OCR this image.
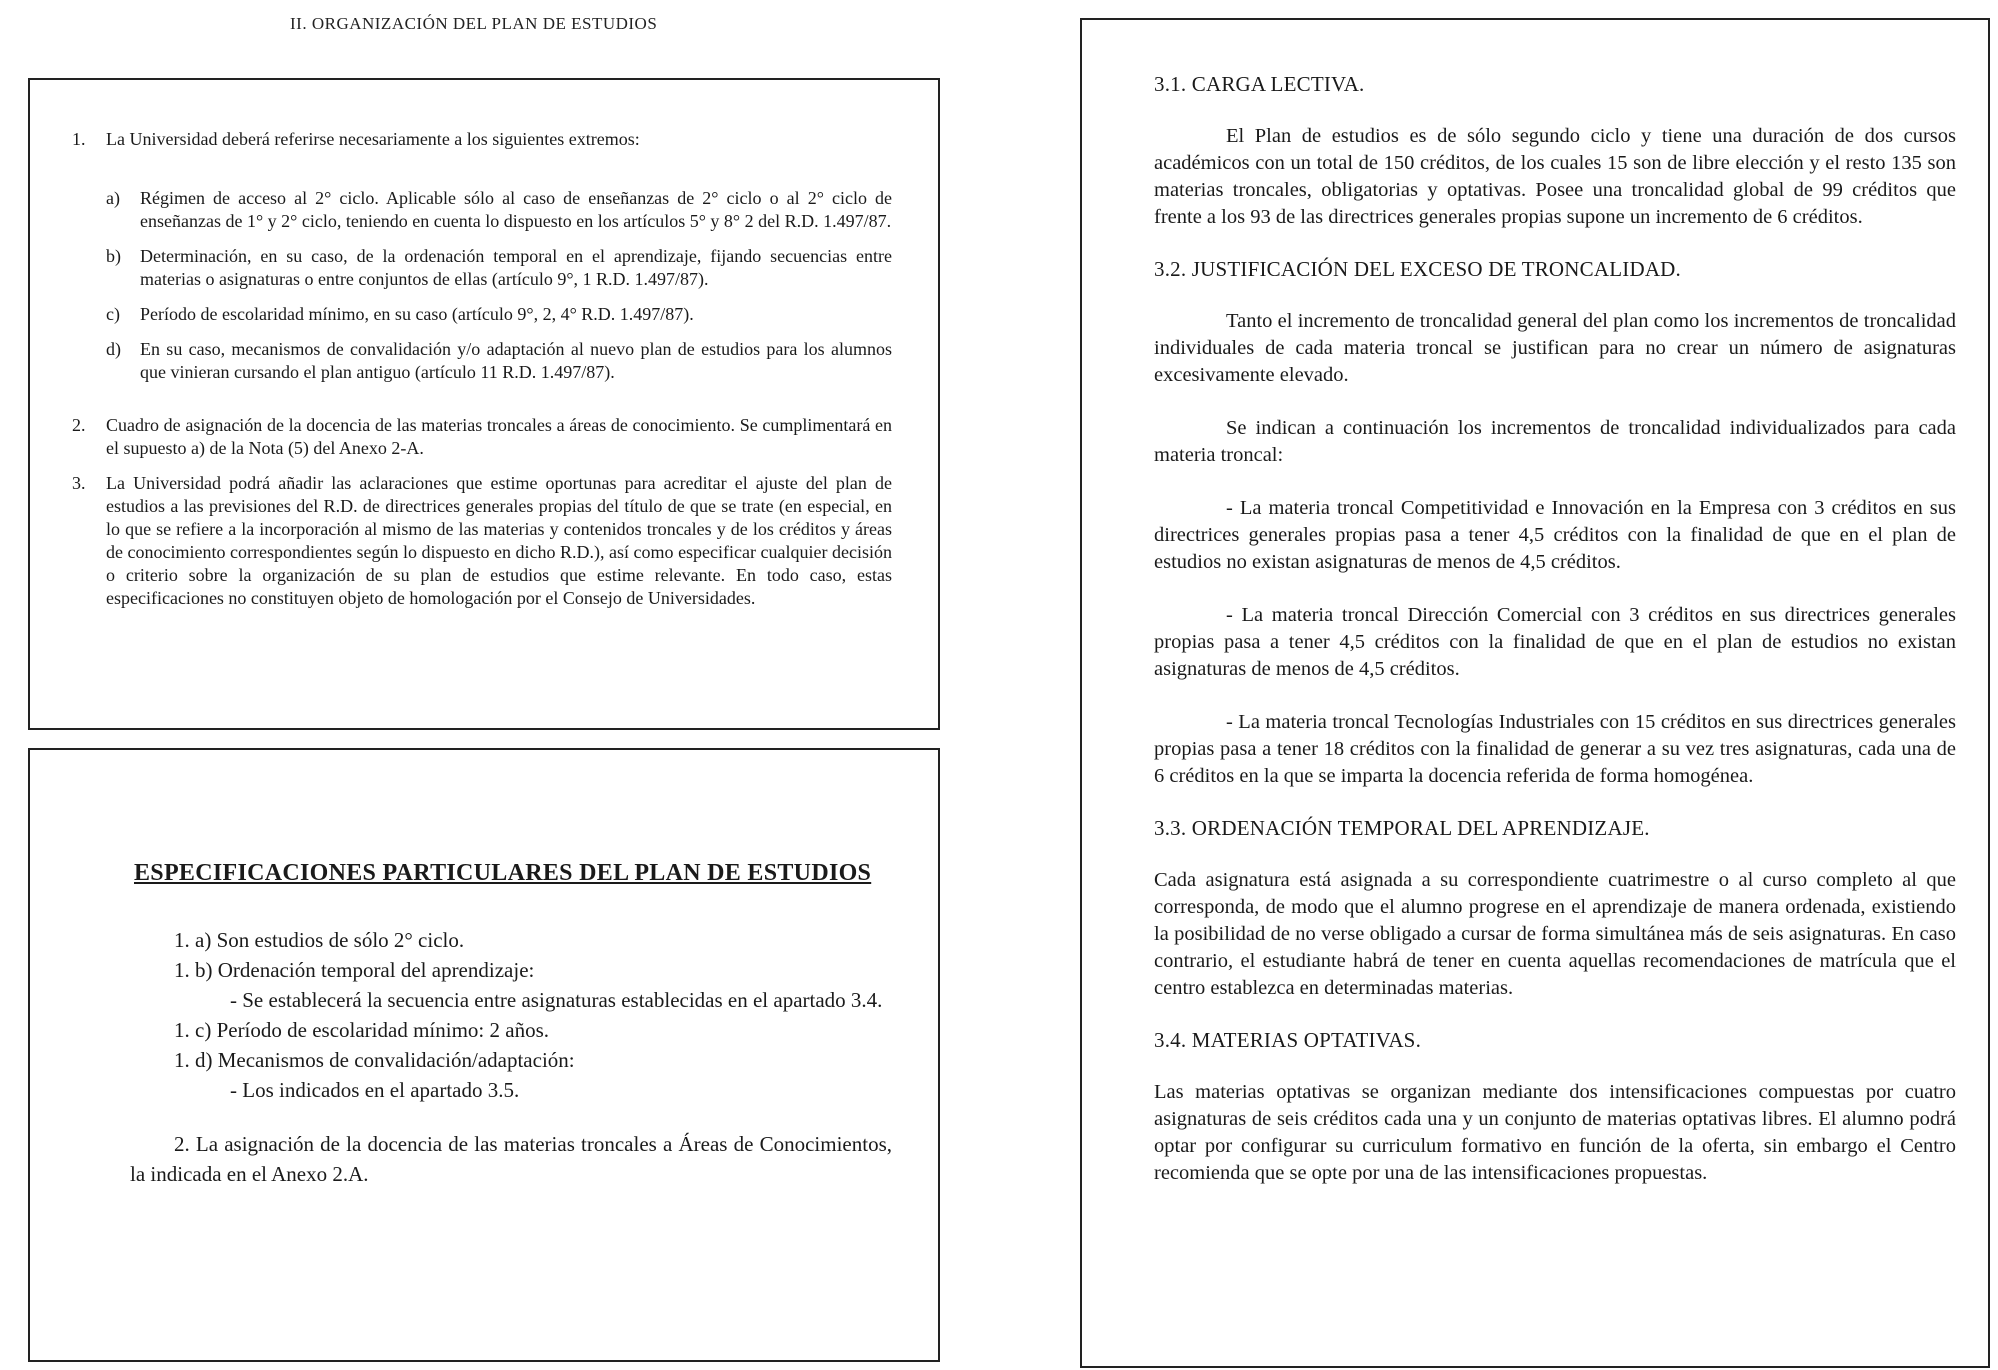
II. ORGANIZACIÓN DEL PLAN DE ESTUDIOS
1.	La Universidad deberá referirse necesariamente a los siguientes extremos:
a)	Régimen de acceso al 2° ciclo. Aplicable sólo al caso de enseñanzas de 2° ciclo o al 2° ciclo de enseñanzas de 1° y 2° ciclo, teniendo en cuenta lo dispuesto en los artículos 5° y 8° 2 del R.D. 1.497/87.
b)	Determinación, en su caso, de la ordenación temporal en el aprendizaje, fijando secuencias entre materias o asignaturas o entre conjuntos de ellas (artículo 9°, 1 R.D. 1.497/87).
c)	Período de escolaridad mínimo, en su caso (artículo 9°, 2, 4° R.D. 1.497/87).
d)	En su caso, mecanismos de convalidación y/o adaptación al nuevo plan de estudios para los alumnos que vinieran cursando el plan antiguo (artículo 11 R.D. 1.497/87).
2.	Cuadro de asignación de la docencia de las materias troncales a áreas de conocimiento. Se cumplimentará en el supuesto a) de la Nota (5) del Anexo 2-A.
3.	La Universidad podrá añadir las aclaraciones que estime oportunas para acreditar el ajuste del plan de estudios a las previsiones del R.D. de directrices generales propias del título de que se trate (en especial, en lo que se refiere a la incorporación al mismo de las materias y contenidos troncales y de los créditos y áreas de conocimiento correspondientes según lo dispuesto en dicho R.D.), así como especificar cualquier decisión o criterio sobre la organización de su plan de estudios que estime relevante. En todo caso, estas especificaciones no constituyen objeto de homologación por el Consejo de Universidades.
ESPECIFICACIONES PARTICULARES DEL PLAN DE ESTUDIOS
1. a) Son estudios de sólo 2° ciclo.
1. b) Ordenación temporal del aprendizaje:
- Se establecerá la secuencia entre asignaturas establecidas en el apartado 3.4.
1. c) Período de escolaridad mínimo: 2 años.
1. d) Mecanismos de convalidación/adaptación:
- Los indicados en el apartado 3.5.
2. La asignación de la docencia de las materias troncales a Áreas de Conocimientos, la indicada en el Anexo 2.A.
3.1. CARGA LECTIVA.

El Plan de estudios es de sólo segundo ciclo y tiene una duración de dos cursos académicos con un total de 150 créditos, de los cuales 15 son de libre elección y el resto 135 son materias troncales, obligatorias y optativas. Posee una troncalidad global de 99 créditos que frente a los 93 de las directrices generales propias supone un incremento de 6 créditos.

3.2. JUSTIFICACIÓN DEL EXCESO DE TRONCALIDAD.

Tanto el incremento de troncalidad general del plan como los incrementos de troncalidad individuales de cada materia troncal se justifican para no crear un número de asignaturas excesivamente elevado.

Se indican a continuación los incrementos de troncalidad individualizados para cada materia troncal:

- La materia troncal Competitividad e Innovación en la Empresa con 3 créditos en sus directrices generales propias pasa a tener 4,5 créditos con la finalidad de que en el plan de estudios no existan asignaturas de menos de 4,5 créditos.

- La materia troncal Dirección Comercial con 3 créditos en sus directrices generales propias pasa a tener 4,5 créditos con la finalidad de que en el plan de estudios no existan asignaturas de menos de 4,5 créditos.

- La materia troncal Tecnologías Industriales con 15 créditos en sus directrices generales propias pasa a tener 18 créditos con la finalidad de generar a su vez tres asignaturas, cada una de 6 créditos en la que se imparta la docencia referida de forma homogénea.

3.3. ORDENACIÓN TEMPORAL DEL APRENDIZAJE.

Cada asignatura está asignada a su correspondiente cuatrimestre o al curso completo al que corresponda, de modo que el alumno progrese en el aprendizaje de manera ordenada, existiendo la posibilidad de no verse obligado a cursar de forma simultánea más de seis asignaturas. En caso contrario, el estudiante habrá de tener en cuenta aquellas recomendaciones de matrícula que el centro establezca en determinadas materias.

3.4. MATERIAS OPTATIVAS.

Las materias optativas se organizan mediante dos intensificaciones compuestas por cuatro asignaturas de seis créditos cada una y un conjunto de materias optativas libres. El alumno podrá optar por configurar su curriculum formativo en función de la oferta, sin embargo el Centro recomienda que se opte por una de las intensificaciones propuestas.
